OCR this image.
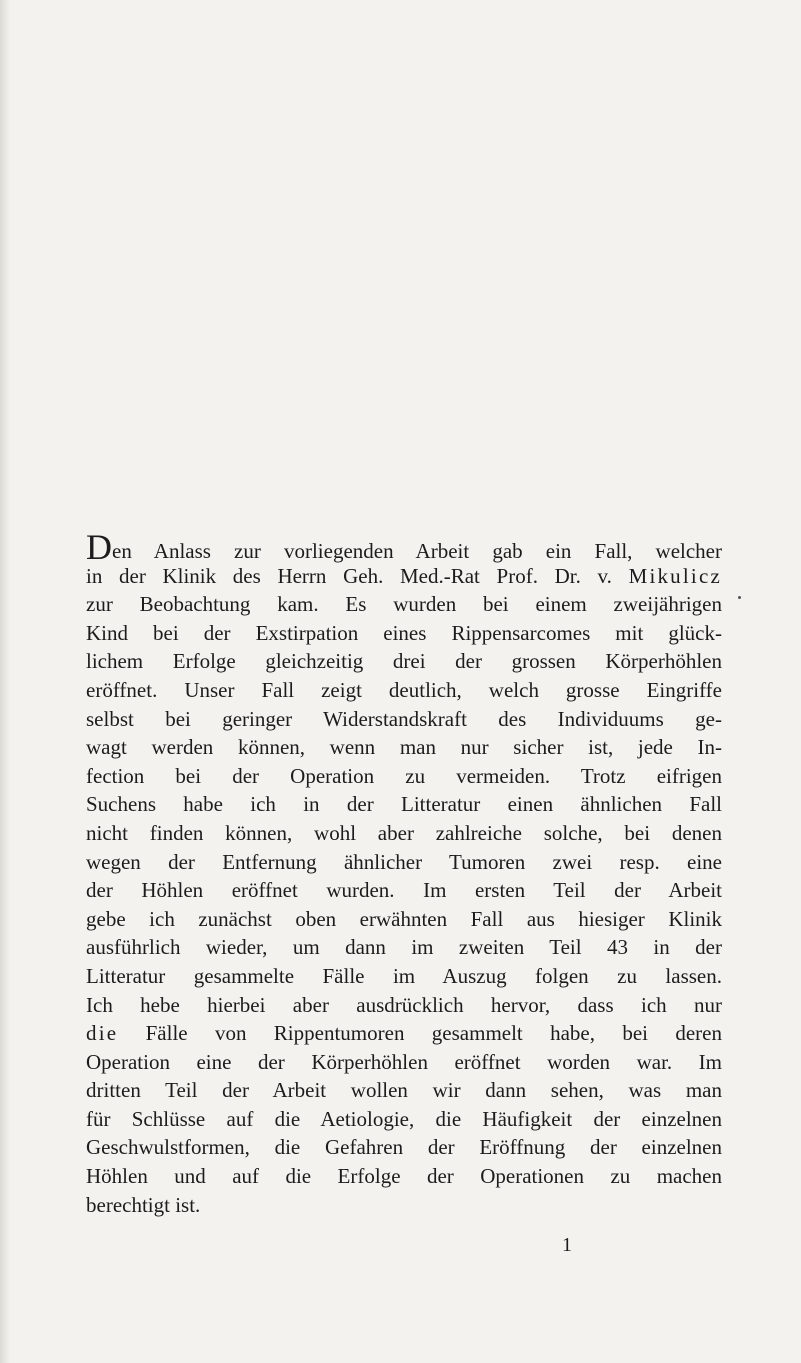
Den Anlass zur vorliegenden Arbeit gab ein Fall, welcher
in der Klinik des Herrn Geh. Med.-Rat Prof. Dr. v. Mikulicz
zur Beobachtung kam. Es wurden bei einem zweijährigen
Kind bei der Exstirpation eines Rippensarcomes mit glück-
lichem Erfolge gleichzeitig drei der grossen Körperhöhlen
eröffnet. Unser Fall zeigt deutlich, welch grosse Eingriffe
selbst bei geringer Widerstandskraft des Individuums ge-
wagt werden können, wenn man nur sicher ist, jede In-
fection bei der Operation zu vermeiden. Trotz eifrigen
Suchens habe ich in der Litteratur einen ähnlichen Fall
nicht finden können, wohl aber zahlreiche solche, bei denen
wegen der Entfernung ähnlicher Tumoren zwei resp. eine
der Höhlen eröffnet wurden. Im ersten Teil der Arbeit
gebe ich zunächst oben erwähnten Fall aus hiesiger Klinik
ausführlich wieder, um dann im zweiten Teil 43 in der
Litteratur gesammelte Fälle im Auszug folgen zu lassen.
Ich hebe hierbei aber ausdrücklich hervor, dass ich nur
die Fälle von Rippentumoren gesammelt habe, bei deren
Operation eine der Körperhöhlen eröffnet worden war. Im
dritten Teil der Arbeit wollen wir dann sehen, was man
für Schlüsse auf die Aetiologie, die Häufigkeit der einzelnen
Geschwulstformen, die Gefahren der Eröffnung der einzelnen
Höhlen und auf die Erfolge der Operationen zu machen
berechtigt ist.
1
